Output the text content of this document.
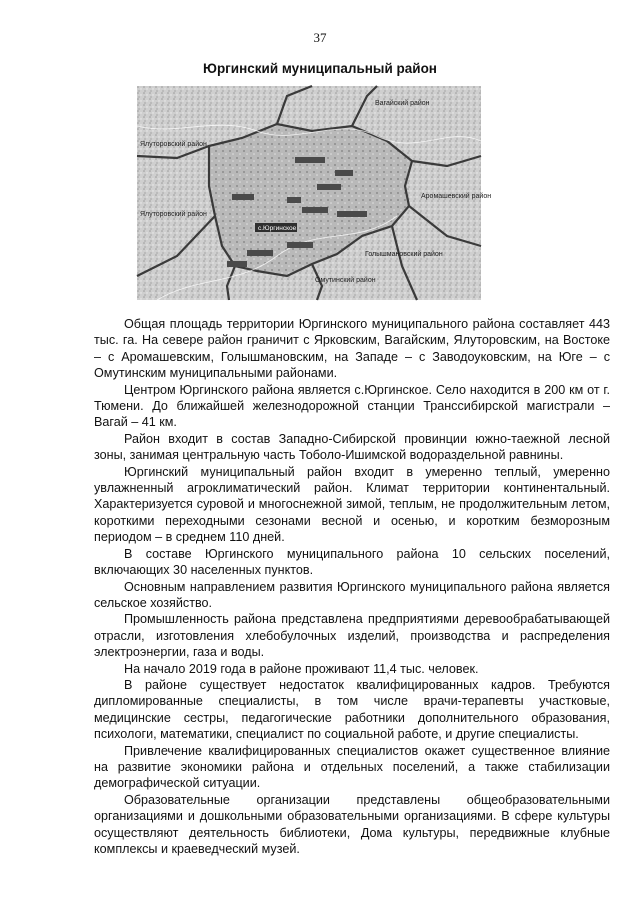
37
Юргинский муниципальный район
Вагайский район
Ялуторовский район
Ялуторовский район
Аромашевский район
Омутинский район
Голышмановский район
с.Юргинское

Общая площадь территории Юргинского муниципального района составляет 443 тыс. га. На севере район граничит с Ярковским, Вагайским, Ялуторовским, на Востоке – с Аромашевским, Голышмановским, на Западе – с Заводоуковским, на Юге – с Омутинским муниципальными районами.

Центром Юргинского района является с.Юргинское. Село находится в 200 км от г. Тюмени. До ближайшей железнодорожной станции Транссибирской магистрали – Вагай – 41 км.

Район входит в состав Западно-Сибирской провинции южно-таежной лесной зоны, занимая центральную часть Тоболо-Ишимской водораздельной равнины.

Юргинский муниципальный район входит в умеренно теплый, умеренно увлажненный агроклиматический район. Климат территории континентальный. Характеризуется суровой и многоснежной зимой, теплым, не продолжительным летом, короткими переходными сезонами весной и осенью, и коротким безморозным периодом – в среднем 110 дней.

В составе Юргинского муниципального района 10 сельских поселений, включающих 30 населенных пунктов.

Основным направлением развития Юргинского муниципального района является сельское хозяйство.

Промышленность района представлена предприятиями деревообрабатывающей отрасли, изготовления хлебобулочных изделий, производства и распределения электроэнергии, газа и воды.

На начало 2019 года в районе проживают 11,4 тыс. человек.

В районе существует недостаток квалифицированных кадров. Требуются дипломированные специалисты, в том числе врачи-терапевты участковые, медицинские сестры, педагогические работники дополнительного образования, психологи, математики, специалист по социальной работе, и другие специалисты.

Привлечение квалифицированных специалистов окажет существенное влияние на развитие экономики района и отдельных поселений, а также стабилизации демографической ситуации.

Образовательные организации представлены общеобразовательными организациями и дошкольными образовательными организациями. В сфере культуры осуществляют деятельность библиотеки, Дома культуры, передвижные клубные комплексы и краеведческий музей.
